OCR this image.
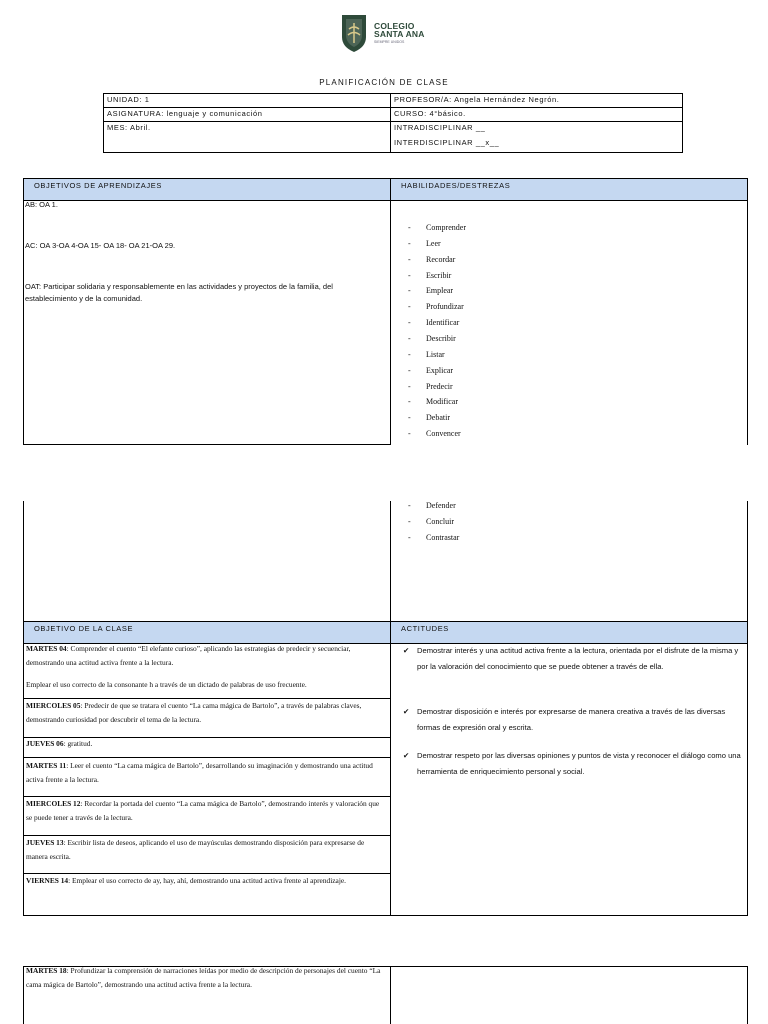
COLEGIO
SANTA ANA
SIEMPRE UNIDOS
PLANIFICACIÓN DE CLASE
UNIDAD: 1	PROFESOR/A: Angela Hernández Negrón.
ASIGNATURA: lenguaje y comunicación	CURSO: 4°básico.
MES: Abril.	INTRADISCIPLINAR __
INTERDISCIPLINAR __x__
OBJETIVOS DE APRENDIZAJES	HABILIDADES/DESTREZAS
AB: OA 1.
AC: OA 3-OA 4-OA 15- OA 18- OA 21-OA 29.
OAT: Participar solidaria y responsablemente en las actividades y proyectos de la familia, del establecimiento y de la comunidad.
- Comprender
- Leer
- Recordar
- Escribir
- Emplear
- Profundizar
- Identificar
- Describir
- Listar
- Explicar
- Predecir
- Modificar
- Debatir
- Convencer
- Defender
- Concluir
- Contrastar
OBJETIVO DE LA CLASE	ACTITUDES
MARTES 04: Comprender el cuento “El elefante curioso”, aplicando las estrategias de predecir y secuenciar, demostrando una actitud activa frente a la lectura.
Emplear el uso correcto de la consonante h a través de un dictado de palabras de uso frecuente.
MIERCOLES 05: Predecir de que se tratara el cuento “La cama mágica de Bartolo”, a través de palabras claves, demostrando curiosidad por descubrir el tema de la lectura.
JUEVES 06: gratitud.
MARTES 11: Leer el cuento “La cama mágica de Bartolo”, desarrollando su imaginación y demostrando una actitud activa frente a la lectura.
MIERCOLES 12: Recordar la portada del cuento “La cama mágica de Bartolo”, demostrando interés y valoración que se puede tener a través de la lectura.
JUEVES 13: Escribir lista de deseos, aplicando el uso de mayúsculas demostrando disposición para expresarse de manera escrita.
VIERNES 14: Emplear el uso correcto de ay, hay, ahí, demostrando una actitud activa frente al aprendizaje.
✔ Demostrar interés y una actitud activa frente a la lectura, orientada por el disfrute de la misma y por la valoración del conocimiento que se puede obtener a través de ella.
✔ Demostrar disposición e interés por expresarse de manera creativa a través de las diversas formas de expresión oral y escrita.
✔ Demostrar respeto por las diversas opiniones y puntos de vista y reconocer el diálogo como una herramienta de enriquecimiento personal y social.
MARTES 18: Profundizar la comprensión de narraciones leídas por medio de descripción de personajes del cuento “La cama mágica de Bartolo”, demostrando una actitud activa frente a la lectura.
